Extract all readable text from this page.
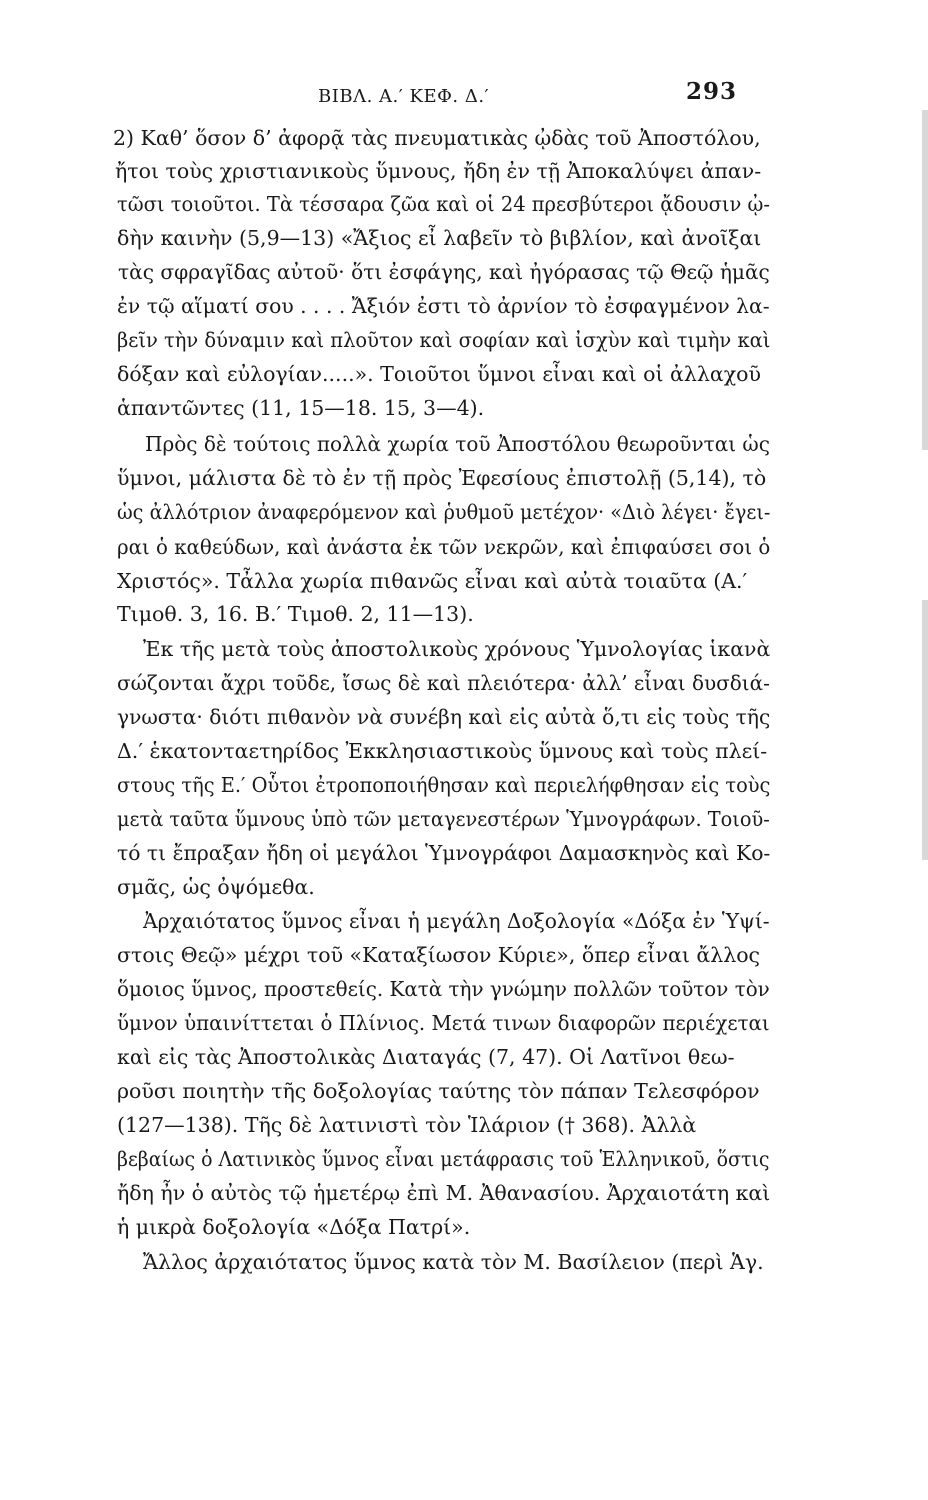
ΒΙΒΛ. Α.′ ΚΕΦ. Δ.′	293
2) Καθ’ ὅσον δ’ ἀφορᾷ τὰς πνευματικὰς ᾠδὰς τοῦ Ἀποστόλου,
ἤτοι τοὺς χριστιανικοὺς ὕμνους, ἤδη ἐν τῇ Ἀποκαλύψει ἀπαν-
τῶσι τοιοῦτοι. Τὰ τέσσαρα ζῶα καὶ οἱ 24 πρεσβύτεροι ᾄδουσιν ᾠ-
δὴν καινὴν (5,9—13) «Ἄξιος εἶ λαβεῖν τὸ βιβλίον, καὶ ἀνοῖξαι
τὰς σφραγῖδας αὐτοῦ· ὅτι ἐσφάγης, καὶ ἠγόρασας τῷ Θεῷ ἡμᾶς
ἐν τῷ αἵματί σου . . . . Ἄξιόν ἐστι τὸ ἀρνίον τὸ ἐσφαγμένον λα-
βεῖν τὴν δύναμιν καὶ πλοῦτον καὶ σοφίαν καὶ ἰσχὺν καὶ τιμὴν καὶ
δόξαν καὶ εὐλογίαν.....». Τοιοῦτοι ὕμνοι εἶναι καὶ οἱ ἀλλαχοῦ
ἁπαντῶντες (11, 15—18. 15, 3—4).
Πρὸς δὲ τούτοις πολλὰ χωρία τοῦ Ἀποστόλου θεωροῦνται ὡς
ὕμνοι, μάλιστα δὲ τὸ ἐν τῇ πρὸς Ἐφεσίους ἐπιστολῇ (5,14), τὸ
ὡς ἀλλότριον ἀναφερόμενον καὶ ῥυθμοῦ μετέχον· «Διὸ λέγει· ἔγει-
ραι ὁ καθεύδων, καὶ ἀνάστα ἐκ τῶν νεκρῶν, καὶ ἐπιφαύσει σοι ὁ
Χριστός». Τἆλλα χωρία πιθανῶς εἶναι καὶ αὐτὰ τοιαῦτα (Α.′
Τιμοθ. 3, 16. Β.′ Τιμοθ. 2, 11—13).
Ἐκ τῆς μετὰ τοὺς ἀποστολικοὺς χρόνους Ὑμνολογίας ἱκανὰ
σώζονται ἄχρι τοῦδε, ἴσως δὲ καὶ πλειότερα· ἀλλ’ εἶναι δυσδιά-
γνωστα· διότι πιθανὸν νὰ συνέβη καὶ εἰς αὐτὰ ὅ,τι εἰς τοὺς τῆς
Δ.′ ἑκατονταετηρίδος Ἐκκλησιαστικοὺς ὕμνους καὶ τοὺς πλεί-
στους τῆς Ε.′ Οὗτοι ἐτροποποιήθησαν καὶ περιελήφθησαν εἰς τοὺς
μετὰ ταῦτα ὕμνους ὑπὸ τῶν μεταγενεστέρων Ὑμνογράφων. Τοιοῦ-
τό τι ἔπραξαν ἤδη οἱ μεγάλοι Ὑμνογράφοι Δαμασκηνὸς καὶ Κο-
σμᾶς, ὡς ὀψόμεθα.
Ἀρχαιότατος ὕμνος εἶναι ἡ μεγάλη Δοξολογία «Δόξα ἐν Ὑψί-
στοις Θεῷ» μέχρι τοῦ «Καταξίωσον Κύριε», ὅπερ εἶναι ἄλλος
ὅμοιος ὕμνος, προστεθείς. Κατὰ τὴν γνώμην πολλῶν τοῦτον τὸν
ὕμνον ὑπαινίττεται ὁ Πλίνιος. Μετά τινων διαφορῶν περιέχεται
καὶ εἰς τὰς Ἀποστολικὰς Διαταγάς (7, 47). Οἱ Λατῖνοι θεω-
ροῦσι ποιητὴν τῆς δοξολογίας ταύτης τὸν πάπαν Τελεσφόρον
(127—138). Τῆς δὲ λατινιστὶ τὸν Ἱλάριον († 368). Ἀλλὰ
βεβαίως ὁ Λατινικὸς ὕμνος εἶναι μετάφρασις τοῦ Ἑλληνικοῦ, ὅστις
ἤδη ἦν ὁ αὐτὸς τῷ ἡμετέρῳ ἐπὶ Μ. Ἀθανασίου. Ἀρχαιοτάτη καὶ
ἡ μικρὰ δοξολογία «Δόξα Πατρί».
Ἄλλος ἀρχαιότατος ὕμνος κατὰ τὸν Μ. Βασίλειον (περὶ Ἁγ.
